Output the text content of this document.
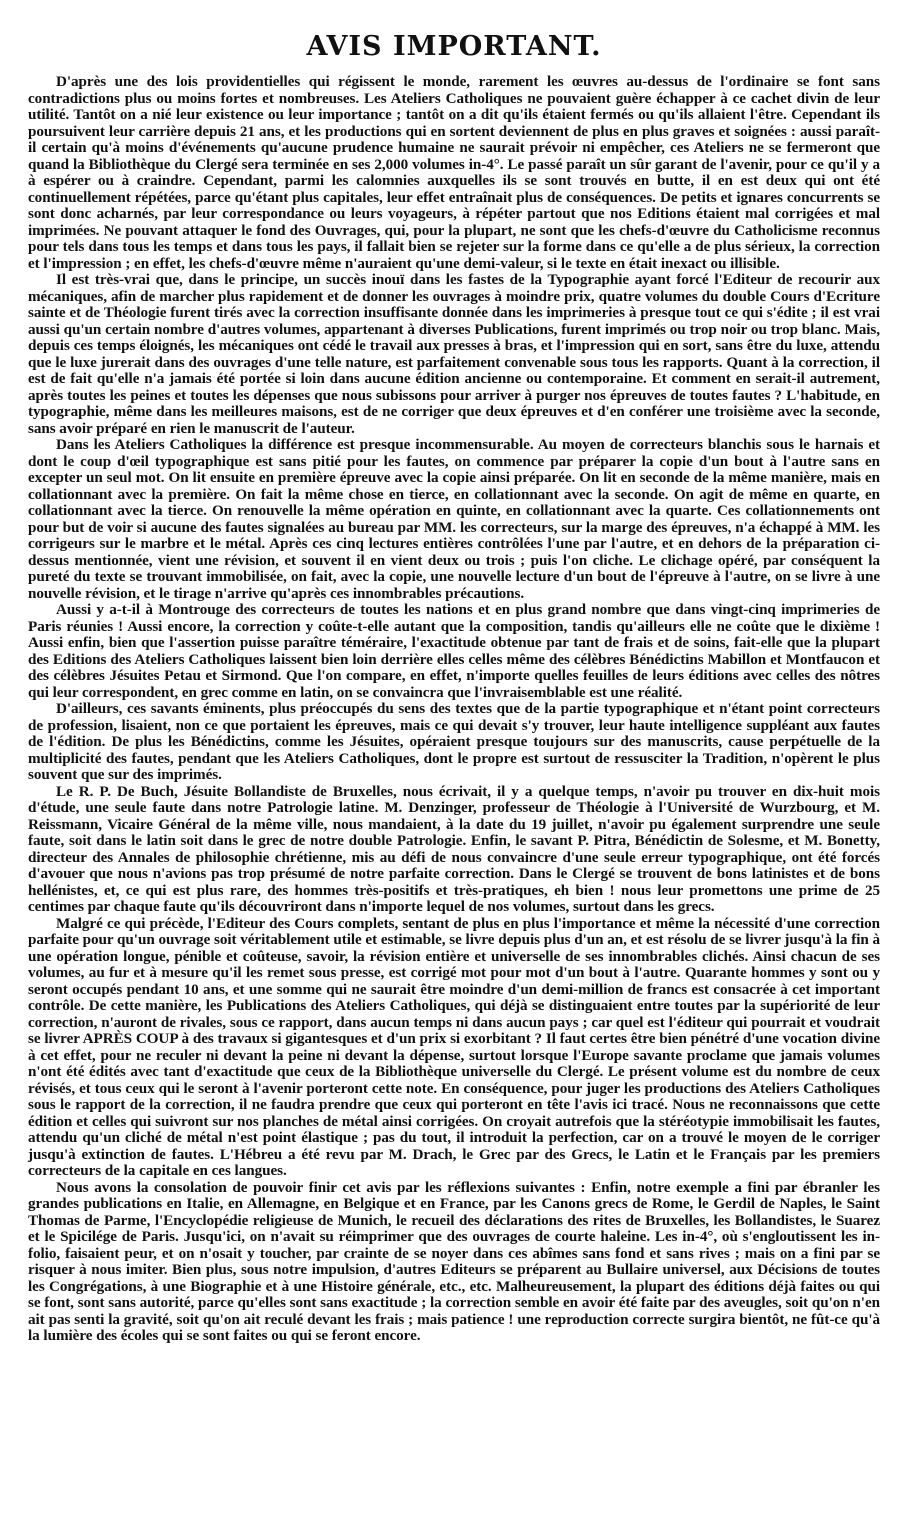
AVIS IMPORTANT.

D'après une des lois providentielles qui régissent le monde, rarement les œuvres au-dessus de l'ordinaire se font sans contradictions plus ou moins fortes et nombreuses. Les Ateliers Catholiques ne pouvaient guère échapper à ce cachet divin de leur utilité. Tantôt on a nié leur existence ou leur importance ; tantôt on a dit qu'ils étaient fermés ou qu'ils allaient l'être. Cependant ils poursuivent leur carrière depuis 21 ans, et les productions qui en sortent deviennent de plus en plus graves et soignées : aussi paraît-il certain qu'à moins d'événements qu'aucune prudence humaine ne saurait prévoir ni empêcher, ces Ateliers ne se fermeront que quand la Bibliothèque du Clergé sera terminée en ses 2,000 volumes in-4°. Le passé paraît un sûr garant de l'avenir, pour ce qu'il y a à espérer ou à craindre. Cependant, parmi les calomnies auxquelles ils se sont trouvés en butte, il en est deux qui ont été continuellement répétées, parce qu'étant plus capitales, leur effet entraînait plus de conséquences. De petits et ignares concurrents se sont donc acharnés, par leur correspondance ou leurs voyageurs, à répéter partout que nos Editions étaient mal corrigées et mal imprimées. Ne pouvant attaquer le fond des Ouvrages, qui, pour la plupart, ne sont que les chefs-d'œuvre du Catholicisme reconnus pour tels dans tous les temps et dans tous les pays, il fallait bien se rejeter sur la forme dans ce qu'elle a de plus sérieux, la correction et l'impression ; en effet, les chefs-d'œuvre même n'auraient qu'une demi-valeur, si le texte en était inexact ou illisible.

Il est très-vrai que, dans le principe, un succès inouï dans les fastes de la Typographie ayant forcé l'Editeur de recourir aux mécaniques, afin de marcher plus rapidement et de donner les ouvrages à moindre prix, quatre volumes du double Cours d'Ecriture sainte et de Théologie furent tirés avec la correction insuffisante donnée dans les imprimeries à presque tout ce qui s'édite ; il est vrai aussi qu'un certain nombre d'autres volumes, appartenant à diverses Publications, furent imprimés ou trop noir ou trop blanc. Mais, depuis ces temps éloignés, les mécaniques ont cédé le travail aux presses à bras, et l'impression qui en sort, sans être du luxe, attendu que le luxe jurerait dans des ouvrages d'une telle nature, est parfaitement convenable sous tous les rapports. Quant à la correction, il est de fait qu'elle n'a jamais été portée si loin dans aucune édition ancienne ou contemporaine. Et comment en serait-il autrement, après toutes les peines et toutes les dépenses que nous subissons pour arriver à purger nos épreuves de toutes fautes ? L'habitude, en typographie, même dans les meilleures maisons, est de ne corriger que deux épreuves et d'en conférer une troisième avec la seconde, sans avoir préparé en rien le manuscrit de l'auteur.

Dans les Ateliers Catholiques la différence est presque incommensurable. Au moyen de correcteurs blanchis sous le harnais et dont le coup d'œil typographique est sans pitié pour les fautes, on commence par préparer la copie d'un bout à l'autre sans en excepter un seul mot. On lit ensuite en première épreuve avec la copie ainsi préparée. On lit en seconde de la même manière, mais en collationnant avec la première. On fait la même chose en tierce, en collationnant avec la seconde. On agit de même en quarte, en collationnant avec la tierce. On renouvelle la même opération en quinte, en collationnant avec la quarte. Ces collationnements ont pour but de voir si aucune des fautes signalées au bureau par MM. les correcteurs, sur la marge des épreuves, n'a échappé à MM. les corrigeurs sur le marbre et le métal. Après ces cinq lectures entières contrôlées l'une par l'autre, et en dehors de la préparation ci-dessus mentionnée, vient une révision, et souvent il en vient deux ou trois ; puis l'on cliche. Le clichage opéré, par conséquent la pureté du texte se trouvant immobilisée, on fait, avec la copie, une nouvelle lecture d'un bout de l'épreuve à l'autre, on se livre à une nouvelle révision, et le tirage n'arrive qu'après ces innombrables précautions.

Aussi y a-t-il à Montrouge des correcteurs de toutes les nations et en plus grand nombre que dans vingt-cinq imprimeries de Paris réunies ! Aussi encore, la correction y coûte-t-elle autant que la composition, tandis qu'ailleurs elle ne coûte que le dixième ! Aussi enfin, bien que l'assertion puisse paraître téméraire, l'exactitude obtenue par tant de frais et de soins, fait-elle que la plupart des Editions des Ateliers Catholiques laissent bien loin derrière elles celles même des célèbres Bénédictins Mabillon et Montfaucon et des célèbres Jésuites Petau et Sirmond. Que l'on compare, en effet, n'importe quelles feuilles de leurs éditions avec celles des nôtres qui leur correspondent, en grec comme en latin, on se convaincra que l'invraisemblable est une réalité.

D'ailleurs, ces savants éminents, plus préoccupés du sens des textes que de la partie typographique et n'étant point correcteurs de profession, lisaient, non ce que portaient les épreuves, mais ce qui devait s'y trouver, leur haute intelligence suppléant aux fautes de l'édition. De plus les Bénédictins, comme les Jésuites, opéraient presque toujours sur des manuscrits, cause perpétuelle de la multiplicité des fautes, pendant que les Ateliers Catholiques, dont le propre est surtout de ressusciter la Tradition, n'opèrent le plus souvent que sur des imprimés.

Le R. P. De Buch, Jésuite Bollandiste de Bruxelles, nous écrivait, il y a quelque temps, n'avoir pu trouver en dix-huit mois d'étude, une seule faute dans notre Patrologie latine. M. Denzinger, professeur de Théologie à l'Université de Wurzbourg, et M. Reissmann, Vicaire Général de la même ville, nous mandaient, à la date du 19 juillet, n'avoir pu également surprendre une seule faute, soit dans le latin soit dans le grec de notre double Patrologie. Enfin, le savant P. Pitra, Bénédictin de Solesme, et M. Bonetty, directeur des Annales de philosophie chrétienne, mis au défi de nous convaincre d'une seule erreur typographique, ont été forcés d'avouer que nous n'avions pas trop présumé de notre parfaite correction. Dans le Clergé se trouvent de bons latinistes et de bons hellénistes, et, ce qui est plus rare, des hommes très-positifs et très-pratiques, eh bien ! nous leur promettons une prime de 25 centimes par chaque faute qu'ils découvriront dans n'importe lequel de nos volumes, surtout dans les grecs.

Malgré ce qui précède, l'Editeur des Cours complets, sentant de plus en plus l'importance et même la nécessité d'une correction parfaite pour qu'un ouvrage soit véritablement utile et estimable, se livre depuis plus d'un an, et est résolu de se livrer jusqu'à la fin à une opération longue, pénible et coûteuse, savoir, la révision entière et universelle de ses innombrables clichés. Ainsi chacun de ses volumes, au fur et à mesure qu'il les remet sous presse, est corrigé mot pour mot d'un bout à l'autre. Quarante hommes y sont ou y seront occupés pendant 10 ans, et une somme qui ne saurait être moindre d'un demi-million de francs est consacrée à cet important contrôle. De cette manière, les Publications des Ateliers Catholiques, qui déjà se distinguaient entre toutes par la supériorité de leur correction, n'auront de rivales, sous ce rapport, dans aucun temps ni dans aucun pays ; car quel est l'éditeur qui pourrait et voudrait se livrer APRÈS COUP à des travaux si gigantesques et d'un prix si exorbitant ? Il faut certes être bien pénétré d'une vocation divine à cet effet, pour ne reculer ni devant la peine ni devant la dépense, surtout lorsque l'Europe savante proclame que jamais volumes n'ont été édités avec tant d'exactitude que ceux de la Bibliothèque universelle du Clergé. Le présent volume est du nombre de ceux révisés, et tous ceux qui le seront à l'avenir porteront cette note. En conséquence, pour juger les productions des Ateliers Catholiques sous le rapport de la correction, il ne faudra prendre que ceux qui porteront en tête l'avis ici tracé. Nous ne reconnaissons que cette édition et celles qui suivront sur nos planches de métal ainsi corrigées. On croyait autrefois que la stéréotypie immobilisait les fautes, attendu qu'un cliché de métal n'est point élastique ; pas du tout, il introduit la perfection, car on a trouvé le moyen de le corriger jusqu'à extinction de fautes. L'Hébreu a été revu par M. Drach, le Grec par des Grecs, le Latin et le Français par les premiers correcteurs de la capitale en ces langues.

Nous avons la consolation de pouvoir finir cet avis par les réflexions suivantes : Enfin, notre exemple a fini par ébranler les grandes publications en Italie, en Allemagne, en Belgique et en France, par les Canons grecs de Rome, le Gerdil de Naples, le Saint Thomas de Parme, l'Encyclopédie religieuse de Munich, le recueil des déclarations des rites de Bruxelles, les Bollandistes, le Suarez et le Spicilége de Paris. Jusqu'ici, on n'avait su réimprimer que des ouvrages de courte haleine. Les in-4°, où s'engloutissent les in-folio, faisaient peur, et on n'osait y toucher, par crainte de se noyer dans ces abîmes sans fond et sans rives ; mais on a fini par se risquer à nous imiter. Bien plus, sous notre impulsion, d'autres Editeurs se préparent au Bullaire universel, aux Décisions de toutes les Congrégations, à une Biographie et à une Histoire générale, etc., etc. Malheureusement, la plupart des éditions déjà faites ou qui se font, sont sans autorité, parce qu'elles sont sans exactitude ; la correction semble en avoir été faite par des aveugles, soit qu'on n'en ait pas senti la gravité, soit qu'on ait reculé devant les frais ; mais patience ! une reproduction correcte surgira bientôt, ne fût-ce qu'à la lumière des écoles qui se sont faites ou qui se feront encore.
